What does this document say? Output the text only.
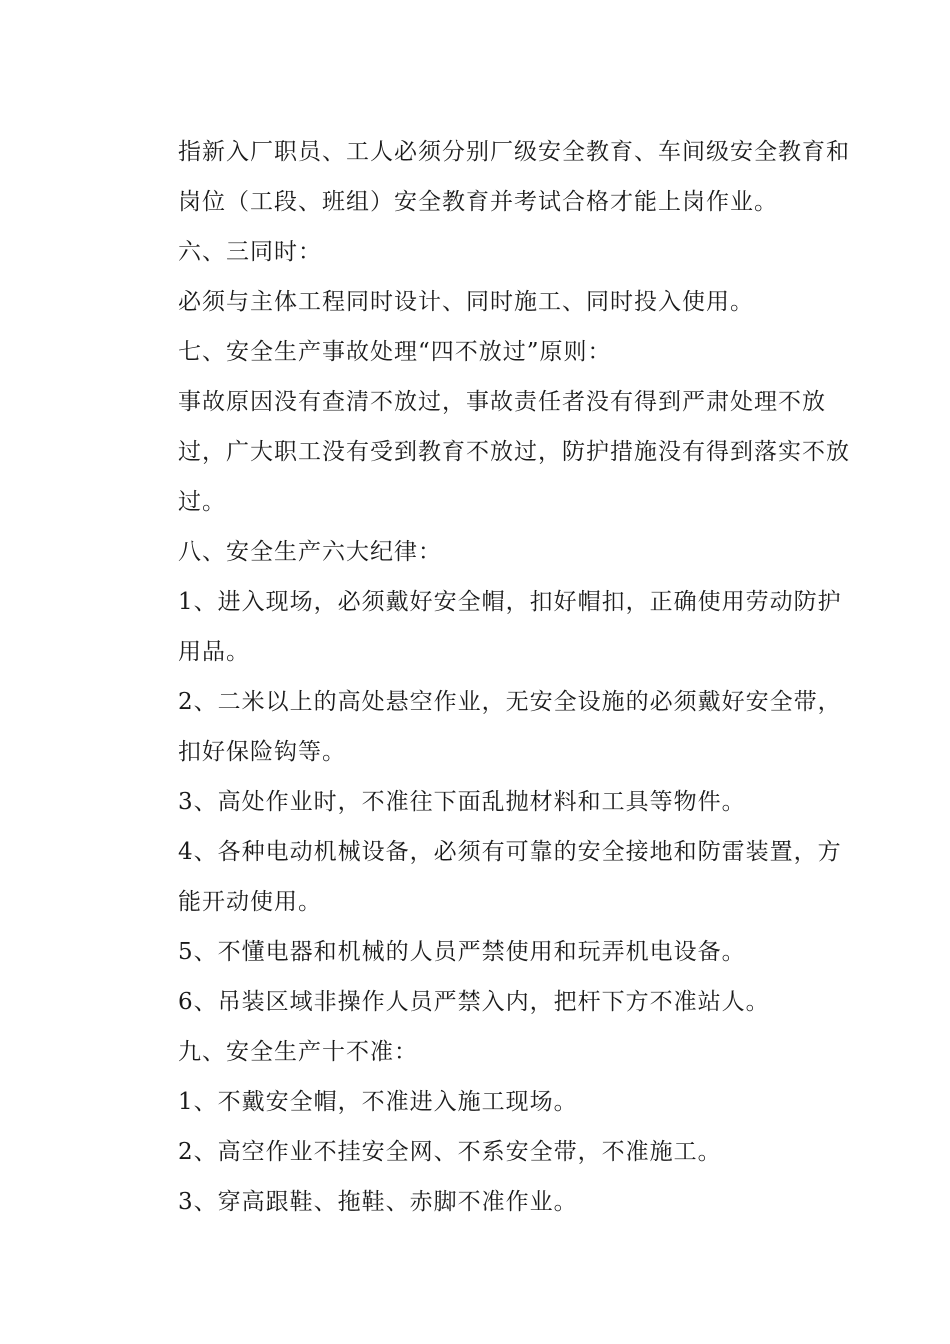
指新入厂职员、工人必须分别厂级安全教育、车间级安全教育和
岗位（工段、班组）安全教育并考试合格才能上岗作业。
六、三同时：
必须与主体工程同时设计、同时施工、同时投入使用。
七、安全生产事故处理“四不放过”原则：
事故原因没有查清不放过，事故责任者没有得到严肃处理不放
过，广大职工没有受到教育不放过，防护措施没有得到落实不放
过。
八、安全生产六大纪律：
1、进入现场，必须戴好安全帽，扣好帽扣，正确使用劳动防护
用品。
2、二米以上的高处悬空作业，无安全设施的必须戴好安全带，
扣好保险钩等。
3、高处作业时，不准往下面乱抛材料和工具等物件。
4、各种电动机械设备，必须有可靠的安全接地和防雷装置，方
能开动使用。
5、不懂电器和机械的人员严禁使用和玩弄机电设备。
6、吊装区域非操作人员严禁入内，把杆下方不准站人。
九、安全生产十不准：
1、不戴安全帽，不准进入施工现场。
2、高空作业不挂安全网、不系安全带，不准施工。
3、穿高跟鞋、拖鞋、赤脚不准作业。
